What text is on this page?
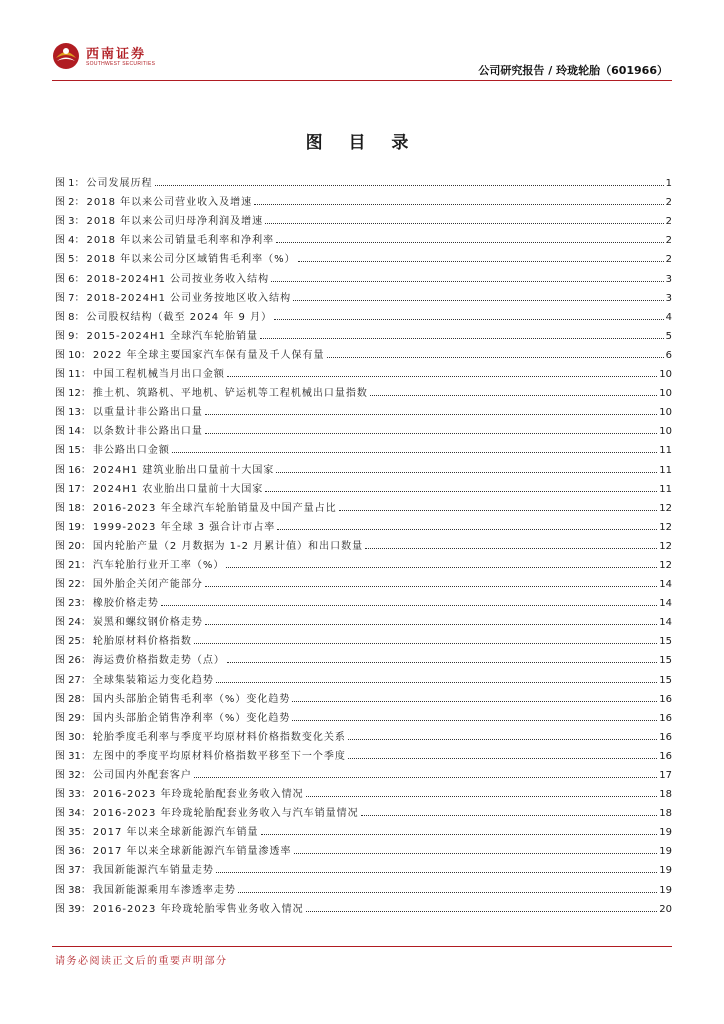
西南证券
SOUTHWEST SECURITIES	公司研究报告 / 玲珑轮胎（601966）
图 目 录
图 1： 公司发展历程	1
图 2： 2018 年以来公司营业收入及增速	2
图 3： 2018 年以来公司归母净利润及增速	2
图 4： 2018 年以来公司销量毛利率和净利率	2
图 5： 2018 年以来公司分区域销售毛利率（%）	2
图 6： 2018-2024H1 公司按业务收入结构	3
图 7： 2018-2024H1 公司业务按地区收入结构	3
图 8： 公司股权结构（截至 2024 年 9 月）	4
图 9： 2015-2024H1 全球汽车轮胎销量	5
图 10： 2022 年全球主要国家汽车保有量及千人保有量	6
图 11： 中国工程机械当月出口金额	10
图 12： 推土机、筑路机、平地机、铲运机等工程机械出口量指数	10
图 13： 以重量计非公路出口量	10
图 14： 以条数计非公路出口量	10
图 15： 非公路出口金额	11
图 16： 2024H1 建筑业胎出口量前十大国家	11
图 17： 2024H1 农业胎出口量前十大国家	11
图 18： 2016-2023 年全球汽车轮胎销量及中国产量占比	12
图 19： 1999-2023 年全球 3 强合计市占率	12
图 20： 国内轮胎产量（2 月数据为 1-2 月累计值）和出口数量	12
图 21： 汽车轮胎行业开工率（%）	12
图 22： 国外胎企关闭产能部分	14
图 23： 橡胶价格走势	14
图 24： 炭黑和螺纹钢价格走势	14
图 25： 轮胎原材料价格指数	15
图 26： 海运费价格指数走势（点）	15
图 27： 全球集装箱运力变化趋势	15
图 28： 国内头部胎企销售毛利率（%）变化趋势	16
图 29： 国内头部胎企销售净利率（%）变化趋势	16
图 30： 轮胎季度毛利率与季度平均原材料价格指数变化关系	16
图 31： 左图中的季度平均原材料价格指数平移至下一个季度	16
图 32： 公司国内外配套客户	17
图 33： 2016-2023 年玲珑轮胎配套业务收入情况	18
图 34： 2016-2023 年玲珑轮胎配套业务收入与汽车销量情况	18
图 35： 2017 年以来全球新能源汽车销量	19
图 36： 2017 年以来全球新能源汽车销量渗透率	19
图 37： 我国新能源汽车销量走势	19
图 38： 我国新能源乘用车渗透率走势	19
图 39： 2016-2023 年玲珑轮胎零售业务收入情况	20
请务必阅读正文后的重要声明部分
